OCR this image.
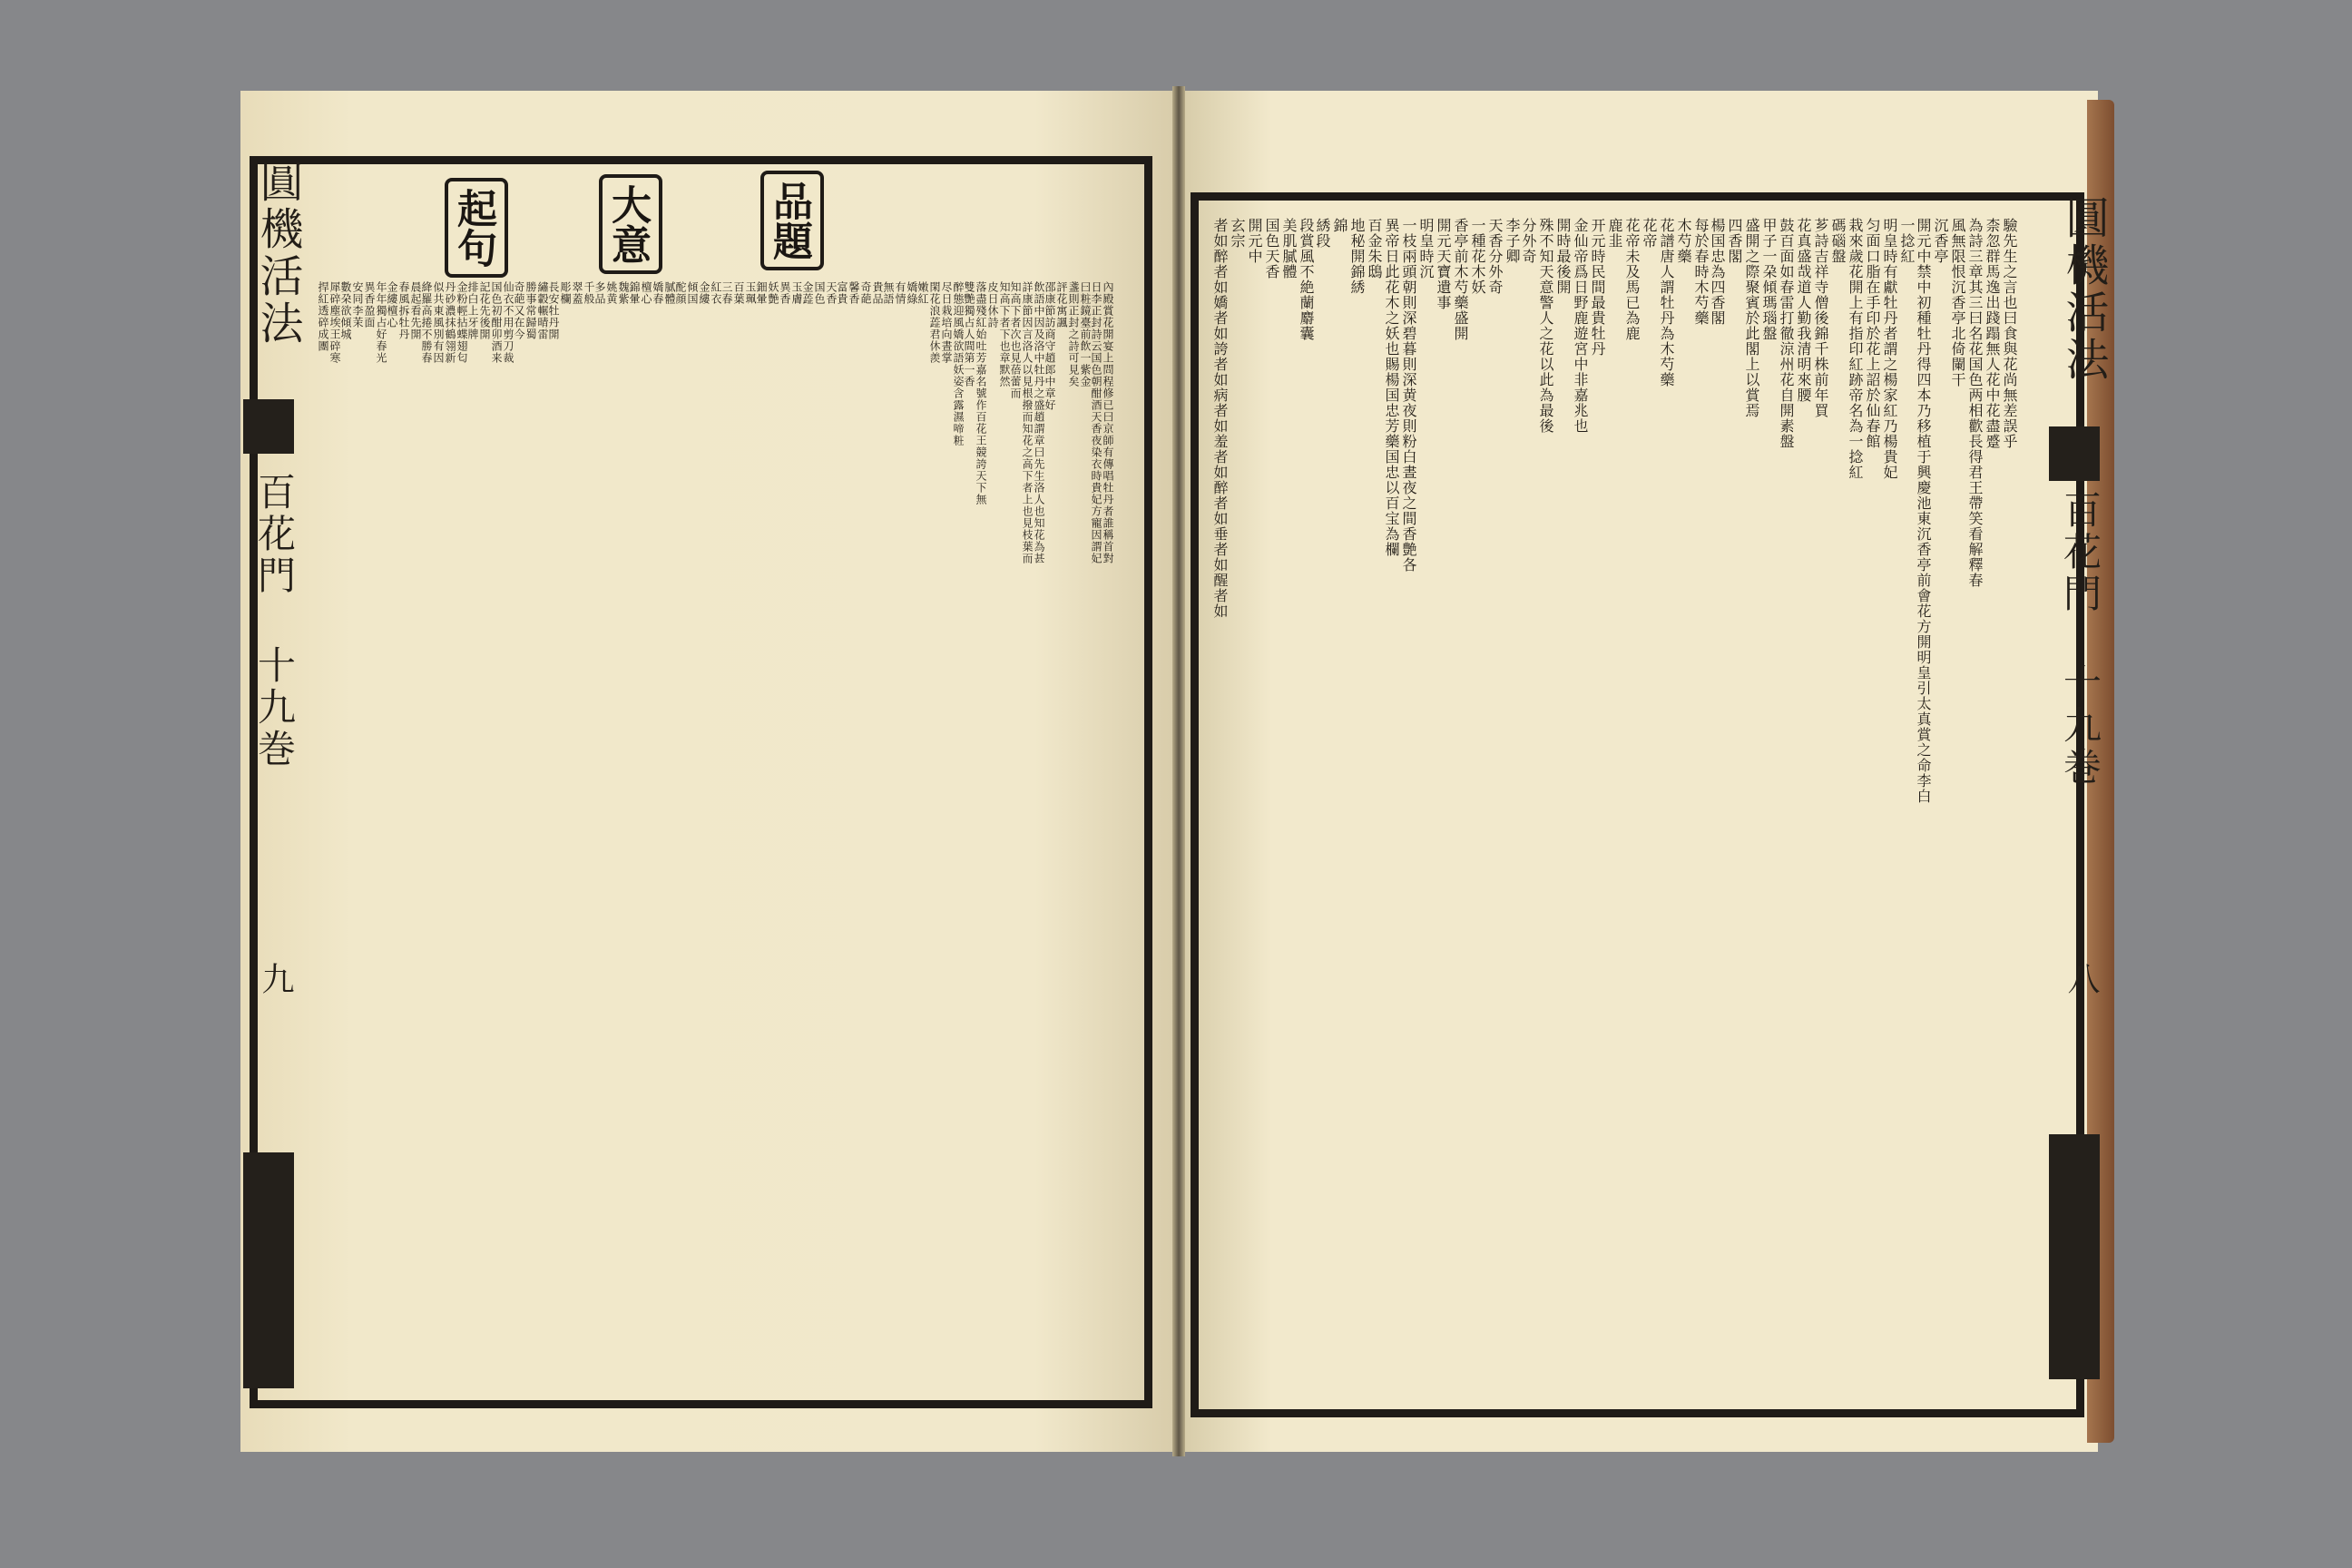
圓機活法
百花門 十九巻
九
品題
大意
起句
內殿賞花開宴上問程修已曰京師有傳唱牡丹者誰稱首對
日李正封詩云国色朝酣酒天香夜染衣時貴妃方寵因謂妃
曰粧鏡臺前飲一紫金
盞則正封之詩可見矣
評花寓諷
邵康節訪商守趙郎中章好
飲語中因及洛中牡丹之盛趙謂章曰先生洛人也知花為甚
詳康節因言洛人以見根撥而知花之高下者上也見枝葉而
知高下者次也見蓓蕾而
知高下者下也章默然
皮日休詩
落盡殘紅始吐芳嘉名號作百花王競誇天下無
雙艷獨占人間第一香
醉態迎風嬌欲語妖姿含露濕啼粧
尽日栽培向晝掌
閑花浪蕋君休羨
嫩紅
嬌綠
有情
無語
貴品
奇葩
馨香
富貴
天香
国色
金蕋
玉膚
異香
妖艶
鈿暈
玉珮
百葉
三春
紅衣
金縷
傾国
酡顔
膩體
嬌春
檀心
錦暈
魏紫
姚黄
多品
千般
翠蓋
彫欄
長安牡丹開
繡轂輾晴雷
勝事常歸蜀
奇葩又在今
仙衣不用剪刀裁
国色初酣卯酒来
記花先後開
排白上牙牌
金粉輕拈蝶翅匂
丹砂濃抹鶴翎新
似共東風別有因
絳羅高捲不勝春
晨起看先開
春風拆牡丹
金縷檀心
年年獨占好春光
異香盈面
安同李茉
數朶欲傾城
犀碎塵埃王碎寒
捍紅透碎成團	圓機活法
百花門 十九巻
八
驗先生之言也曰食與花尚無差誤乎
柰忽群馬逸出踐蹋無人花中花盡蹙
為詩三章其三曰名花国色两相歡長得君王帶笑看解釋春
風無限恨沉香亭北倚闌干
沉香亭
開元中禁中初種牡丹得四本乃移植于興慶池東沉香亭前會花方開明皇引太真賞之命李白
一捻紅
明皇時有獻牡丹者謂之楊家紅乃楊貴妃
匀面口脂在手印於花上詔於仙春館
栽來歲花開上有指印紅跡帝名為一捻紅
碼碯盤
芗詩吉祥寺僧後錦千株前年買
花真盛哉道人勤我清明來腰
鼓百面如春雷打徹涼州花自開素盤
甲子一朶傾瑪瑙盤
盛開之際聚賓於此閣上以賞焉
四香閣
楊国忠為四香閣
每於春時木芍藥
木芍藥
花譜唐人謂牡丹為木芍藥
花帝
花帝未及馬已為鹿
鹿韭
开元時民間最貴牡丹
金仙帝爲日野鹿遊宮中非嘉兆也
開時最後開
殊不知天意警人之花以此為最後
分外奇
李子卿
天香分外奇
一種花木妖
香亭前木芍藥盛開
開元天寶遺事
明皇時沉
一枝兩頭朝則深碧暮則深黄夜則粉白晝夜之間香艶各
異帝日此花木之妖也賜楊国忠芳藥国忠以百宝為欄
百金朱鴟
地秘開錦綉
錦
綉段
段賞風不絶蘭麝囊
美肌膩體
国色天香
開元中
玄宗
者如醉者如嬌者如誇者如病者如羞者如醉者如垂者如醒者如
